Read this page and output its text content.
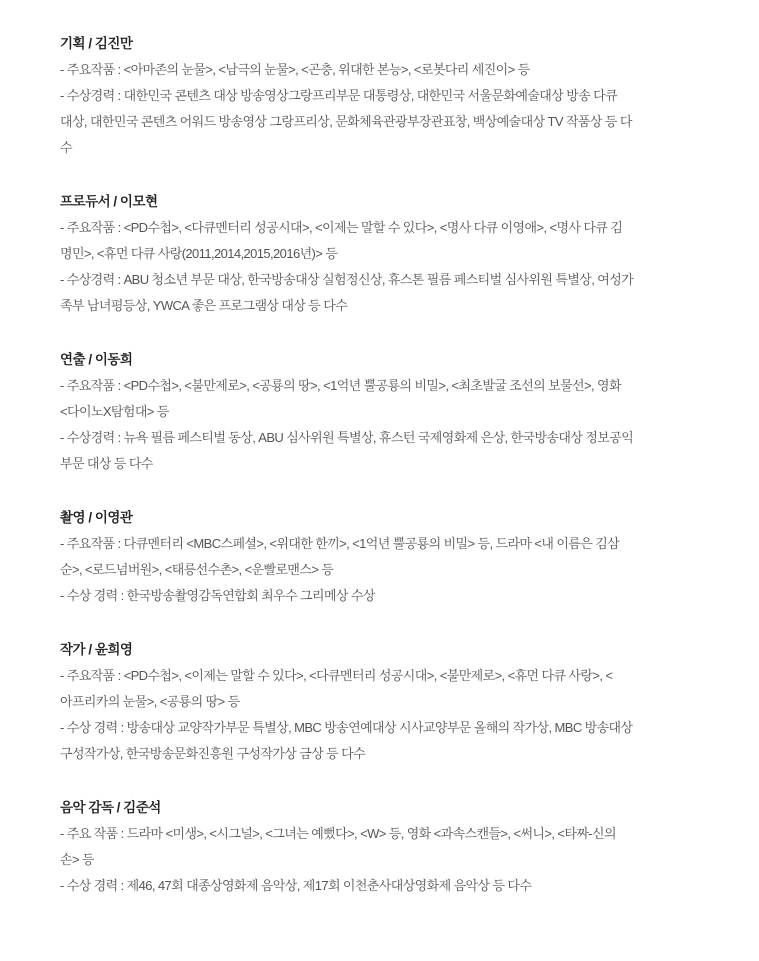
기획 / 김진만
- 주요작품 : <아마존의 눈물>, <남극의 눈물>, <곤충, 위대한 본능>, <로봇다리 세진이> 등
- 수상경력 : 대한민국 콘텐츠 대상 방송영상그랑프리부문 대통령상, 대한민국 서울문화예술대상 방송 다큐
대상, 대한민국 콘텐츠 어워드 방송영상 그랑프리상, 문화체육관광부장관표창, 백상예술대상 TV 작품상 등 다
수
프로듀서 / 이모현
- 주요작품 : <PD수첩>, <다큐멘터리 성공시대>, <이제는 말할 수 있다>, <명사 다큐 이영애>, <명사 다큐 김
명민>, <휴먼 다큐 사랑(2011,2014,2015,2016년)> 등
- 수상경력 : ABU 청소년 부문 대상, 한국방송대상 실험정신상, 휴스톤 필름 페스티벌 심사위원 특별상, 여성가
족부 남녀평등상, YWCA 좋은 프로그램상 대상 등 다수
연출 / 이동희
- 주요작품 : <PD수첩>, <불만제로>, <공룡의 땅>, <1억년 뿔공룡의 비밀>, <최초발굴 조선의 보물선>, 영화
<다이노X탐험대> 등
- 수상경력 : 뉴욕 필름 페스티벌 동상, ABU 심사위원 특별상, 휴스턴 국제영화제 은상, 한국방송대상 정보공익
부문 대상 등 다수
촬영 / 이영관
- 주요작품 : 다큐멘터리 <MBC스페셜>, <위대한 한끼>, <1억년 뿔공룡의 비밀> 등, 드라마 <내 이름은 김삼
순>, <로드넘버원>, <태릉선수촌>, <운빨로맨스> 등
- 수상 경력 : 한국방송촬영감독연합회 최우수 그리메상 수상
작가 / 윤희영
- 주요작품 : <PD수첩>, <이제는 말할 수 있다>, <다큐멘터리 성공시대>, <불만제로>, <휴먼 다큐 사랑>, <
아프리카의 눈물>, <공룡의 땅> 등
- 수상 경력 : 방송대상 교양작가부문 특별상, MBC 방송연예대상 시사교양부문 올해의 작가상, MBC 방송대상
구성작가상, 한국방송문화진흥원 구성작가상 금상 등 다수
음악 감독 / 김준석
- 주요 작품 : 드라마 <미생>, <시그널>, <그녀는 예뻤다>, <W> 등, 영화 <과속스캔들>, <써니>, <타짜-신의
손> 등
- 수상 경력 : 제46, 47회 대종상영화제 음악상, 제17회 이천춘사대상영화제 음악상 등 다수
